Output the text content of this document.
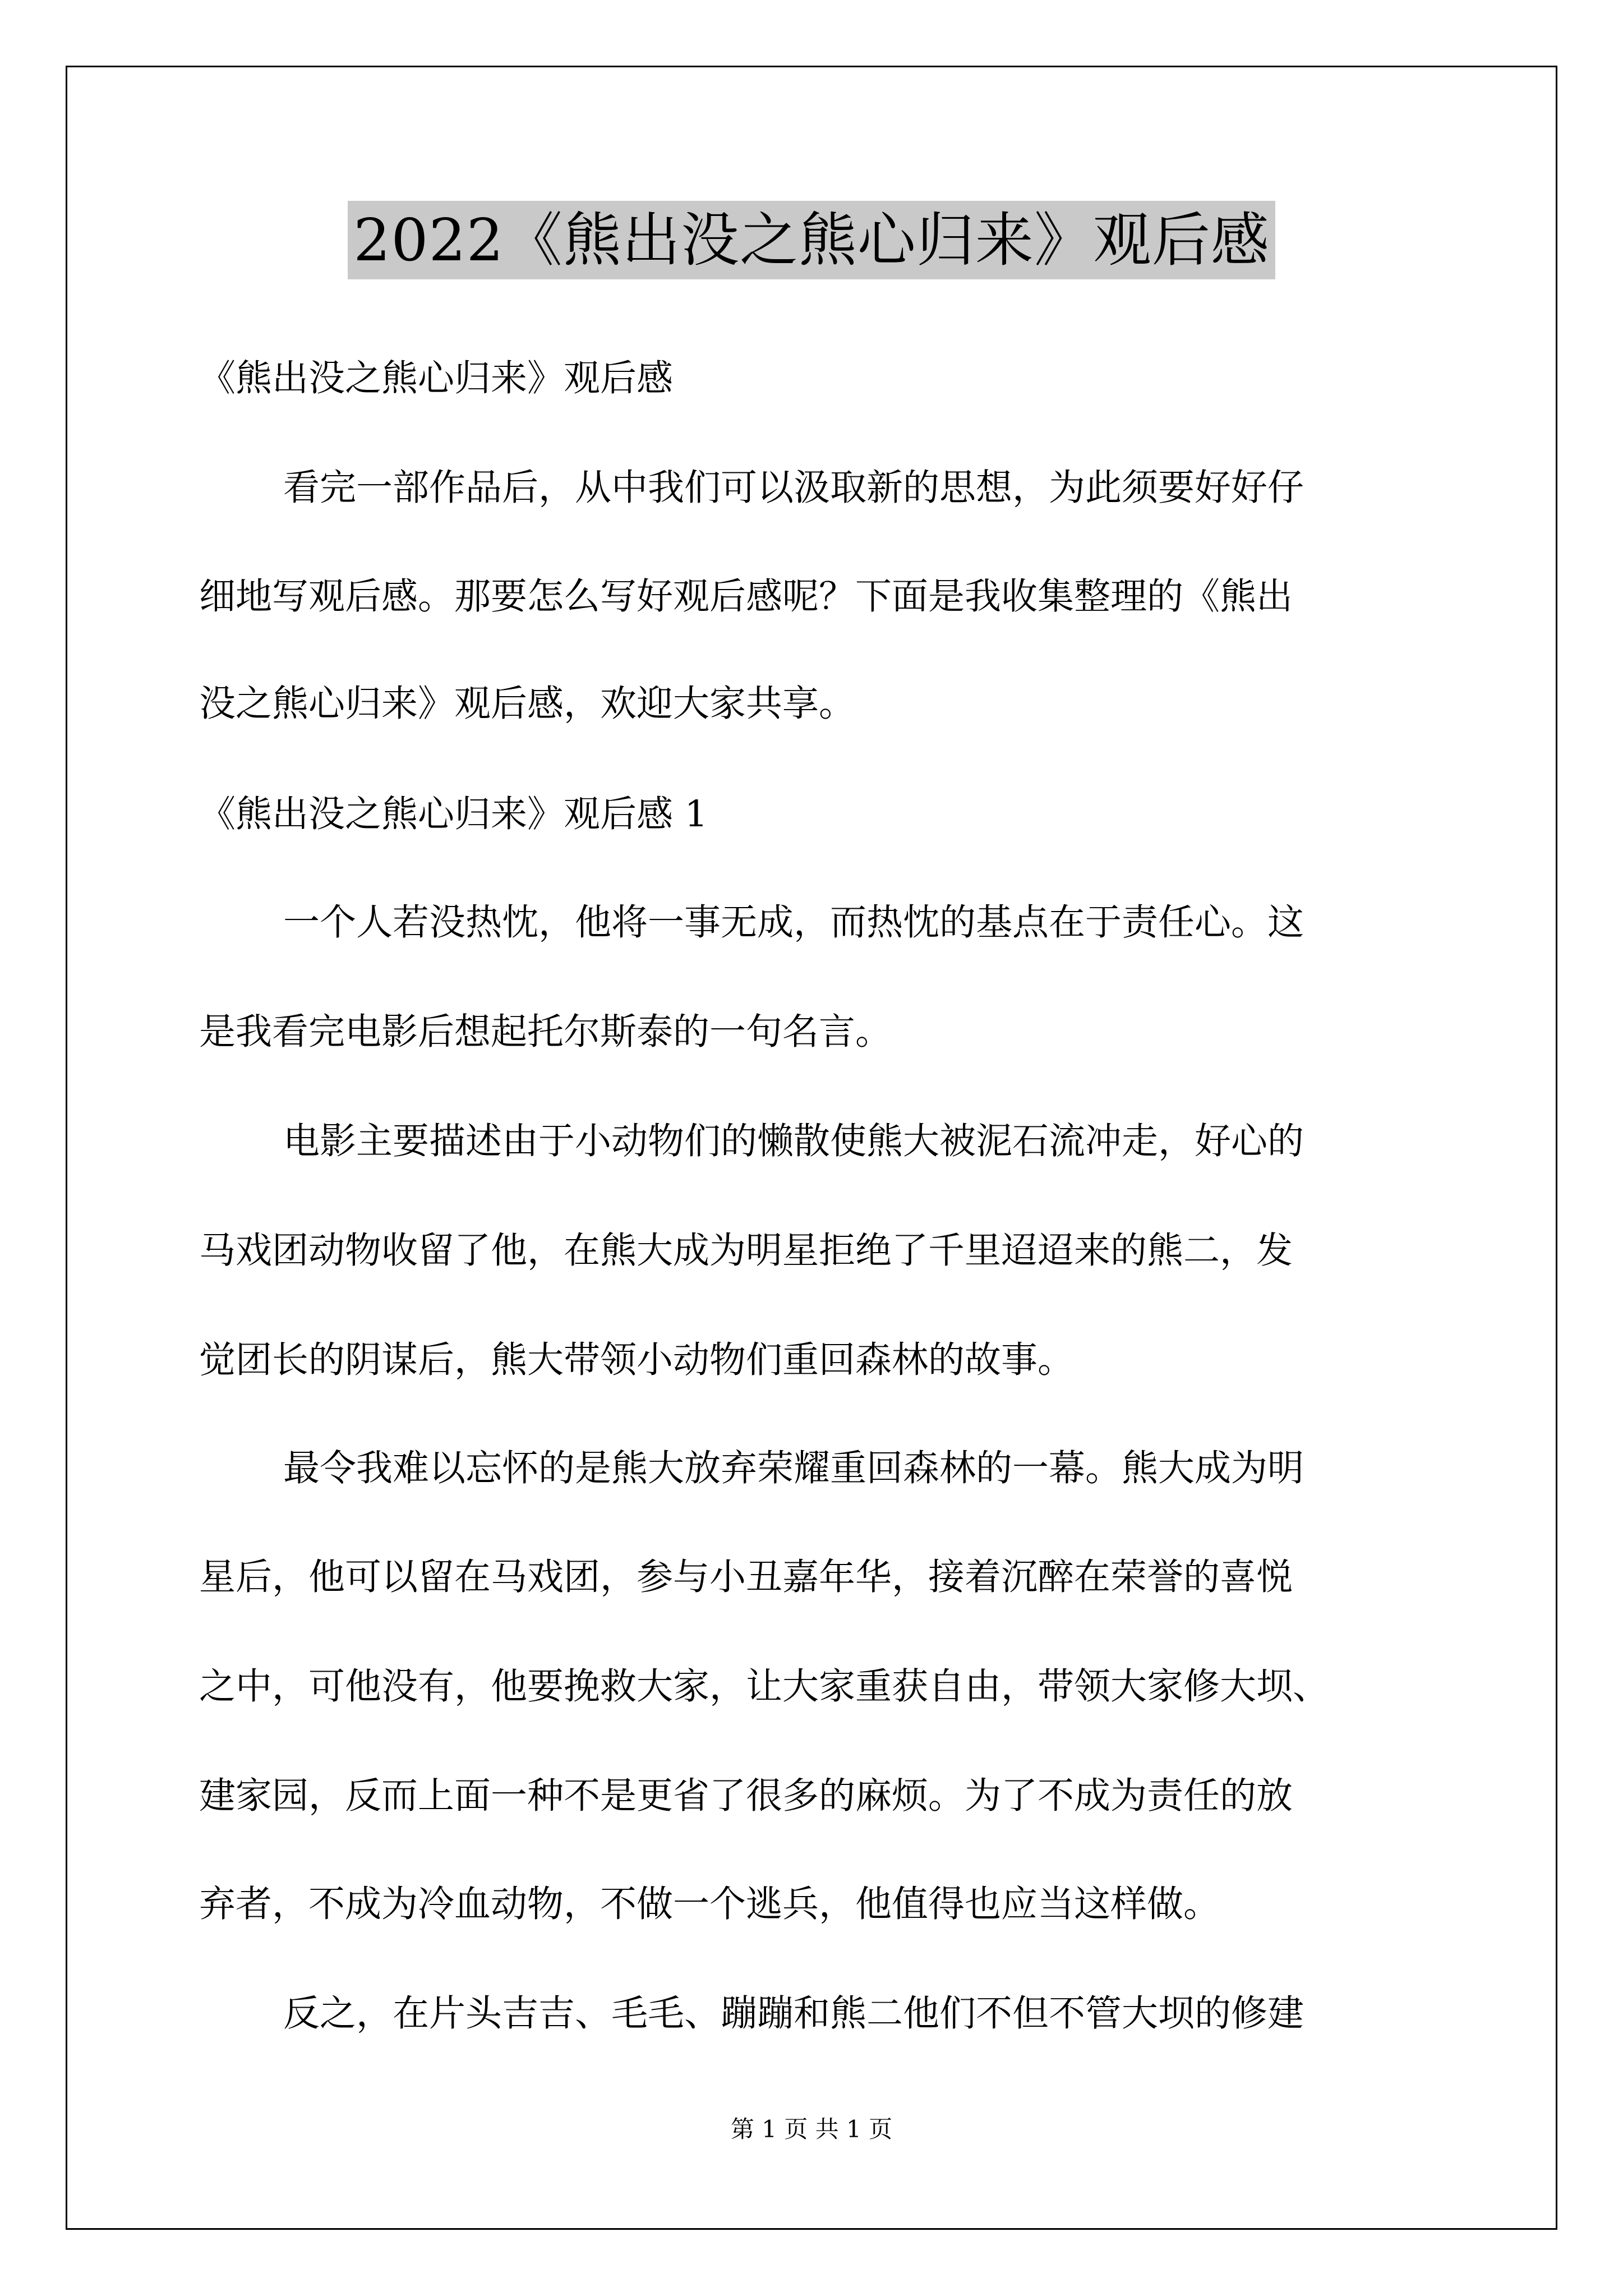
2022《熊出没之熊心归来》观后感
《熊出没之熊心归来》观后感
看完一部作品后，从中我们可以汲取新的思想，为此须要好好仔
细地写观后感。那要怎么写好观后感呢？下面是我收集整理的《熊出
没之熊心归来》观后感，欢迎大家共享。
《熊出没之熊心归来》观后感 1
一个人若没热忱，他将一事无成，而热忱的基点在于责任心。这
是我看完电影后想起托尔斯泰的一句名言。
电影主要描述由于小动物们的懒散使熊大被泥石流冲走，好心的
马戏团动物收留了他，在熊大成为明星拒绝了千里迢迢来的熊二，发
觉团长的阴谋后，熊大带领小动物们重回森林的故事。
最令我难以忘怀的是熊大放弃荣耀重回森林的一幕。熊大成为明
星后，他可以留在马戏团，参与小丑嘉年华，接着沉醉在荣誉的喜悦
之中，可他没有，他要挽救大家，让大家重获自由，带领大家修大坝、
建家园，反而上面一种不是更省了很多的麻烦。为了不成为责任的放
弃者，不成为冷血动物，不做一个逃兵，他值得也应当这样做。
反之，在片头吉吉、毛毛、蹦蹦和熊二他们不但不管大坝的修建
第 1 页 共 1 页
